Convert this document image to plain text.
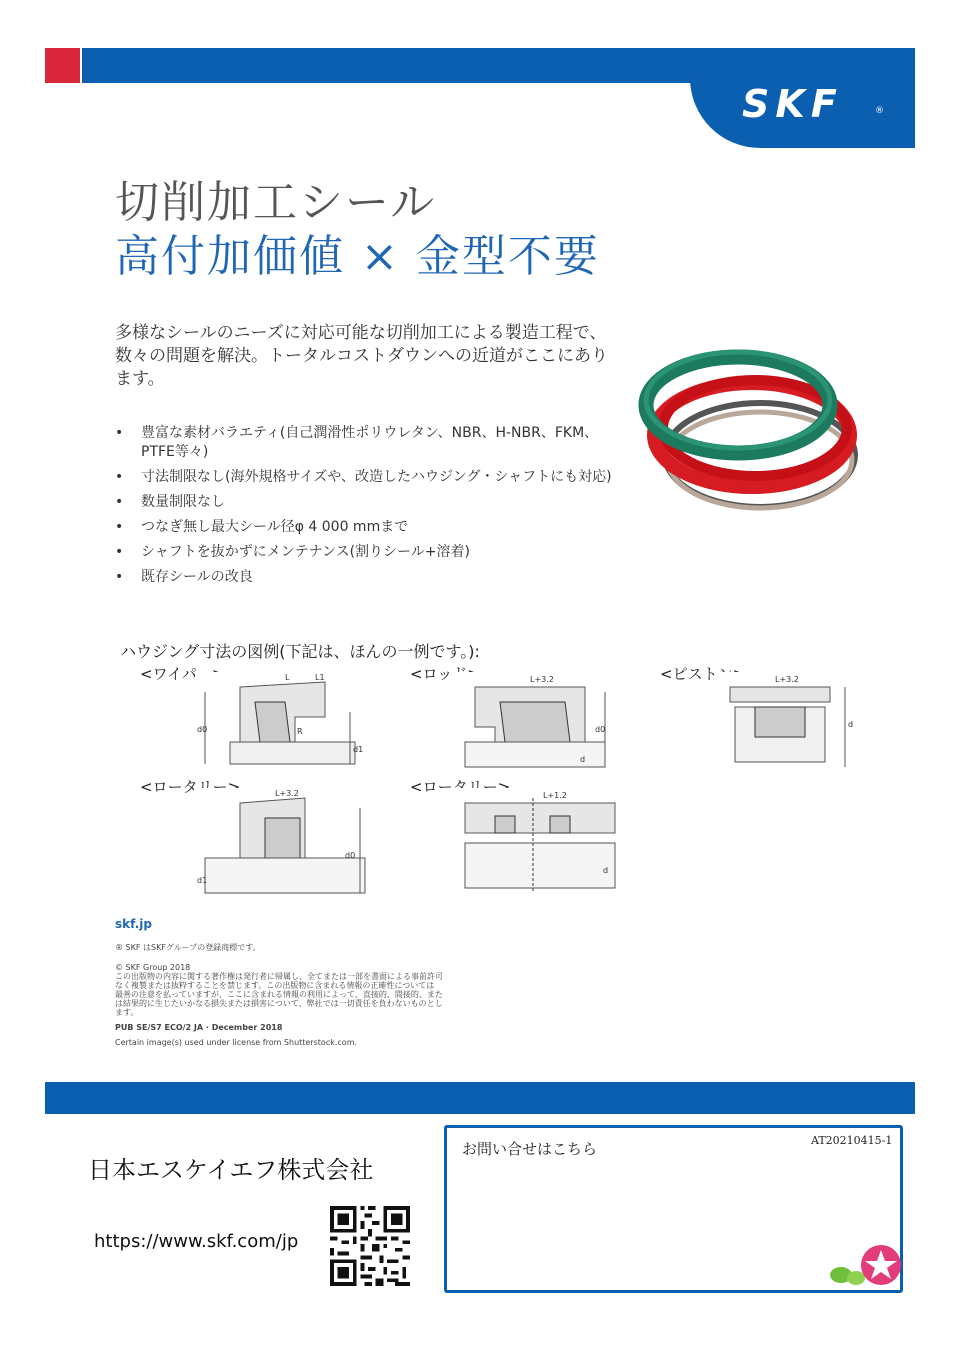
SKF	®
切削加工シール
高付加価値 × 金型不要
多様なシールのニーズに対応可能な切削加工による製造工程で、数々の問題を解決。トータルコストダウンへの近道がここにあります。
• 豊富な素材バラエティ(自己潤滑性ポリウレタン、NBR、H-NBR、FKM、PTFE等々)
• 寸法制限なし(海外規格サイズや、改造したハウジング・シャフトにも対応)
• 数量制限なし
• つなぎ無し最大シール径φ 4 000 mmまで
• シャフトを抜かずにメンテナンス(割りシール+溶着)
• 既存シールの改良
ハウジング寸法の図例(下記は、ほんの一例です。):
<ワイパー>	<ロッド>	<ピストン>
<ロータリー>	<ロータリー>
L	L1
R
d0
d1
L+3.2
d0
d
L+3.2
d
L+3.2
d0
d1
L+1.2
d
skf.jp
® SKF はSKFグループの登録商標です。
© SKF Group 2018
この出版物の内容に関する著作権は発行者に帰属し、全てまたは一部を書面による事前許可
なく複製または抜粋することを禁じます。この出版物に含まれる情報の正確性については
最善の注意を払っていますが、ここに含まれる情報の利用によって、直接的、間接的、また
は結果的に生じたいかなる損失または損害について、弊社では一切責任を負わないものとし
ます。
PUB SE/S7 ECO/2 JA · December 2018
Certain image(s) used under license from Shutterstock.com.
日本エスケイエフ株式会社
https://www.skf.com/jp
お問い合せはこちら	AT20210415-1
